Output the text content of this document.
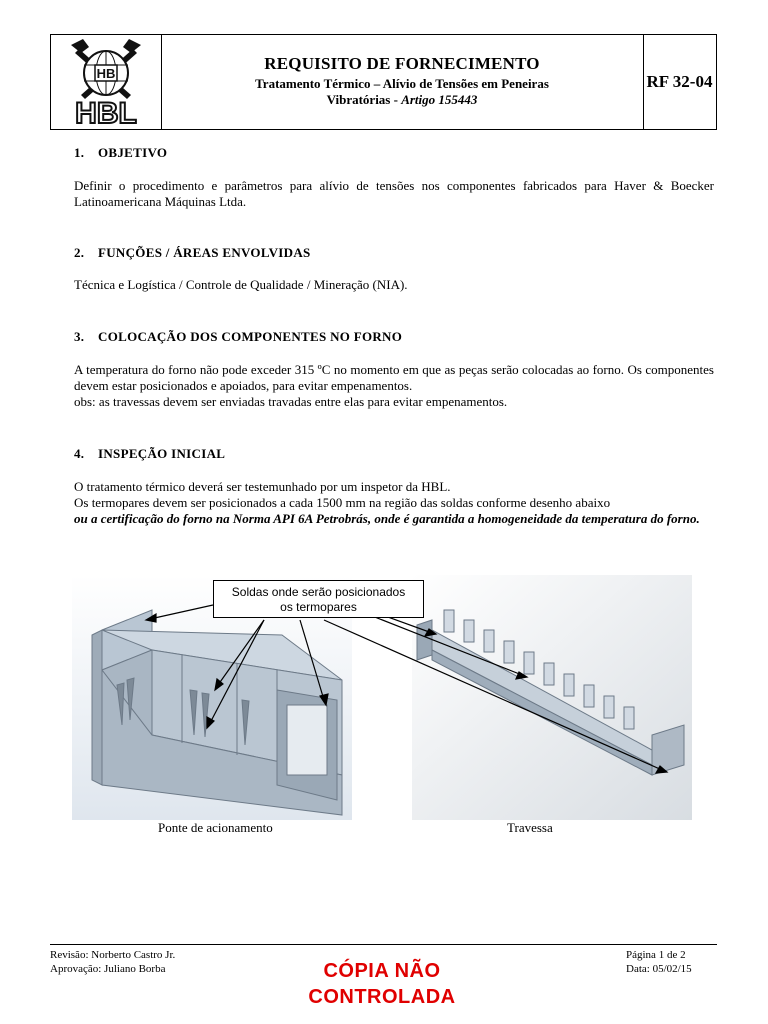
HB
HBL
REQUISITO DE FORNECIMENTO
Tratamento Térmico – Alívio de Tensões em Peneiras
Vibratórias - Artigo 155443
RF 32-04
1. OBJETIVO

Definir o procedimento e parâmetros para alívio de tensões nos componentes fabricados para Haver & Boecker Latinoamericana Máquinas Ltda.

2. FUNÇÕES / ÁREAS ENVOLVIDAS

Técnica e Logística / Controle de Qualidade / Mineração (NIA).

3. COLOCAÇÃO DOS COMPONENTES NO FORNO

A temperatura do forno não pode exceder 315 ºC no momento em que as peças serão colocadas ao forno. Os componentes devem estar posicionados e apoiados, para evitar empenamentos.

obs: as travessas devem ser enviadas travadas entre elas para evitar empenamentos.

4. INSPEÇÃO INICIAL

O tratamento térmico deverá ser testemunhado por um inspetor da HBL.

Os termopares devem ser posicionados a cada 1500 mm na região das soldas conforme desenho abaixo

ou a certificação do forno na Norma API 6A Petrobrás, onde é garantida a homogeneidade da temperatura do forno.

Soldas onde serão posicionados
os termopares
Ponte de acionamento	Travessa
Revisão: Norberto Castro Jr.
Aprovação: Juliano Borba
Página 1 de 2
Data: 05/02/15
CÓPIA NÃO
CONTROLADA
